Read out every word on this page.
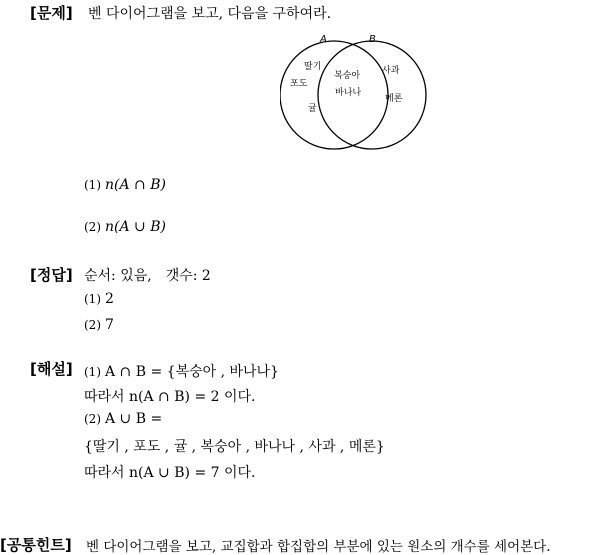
[문제] 벤 다이어그램을 보고, 다음을 구하여라.
A	B
딸기
포도
귤
복숭아
바나나
사과
메론
(1) n(A ∩ B)
(2) n(A ∪ B)
[정답] 순서: 있음,　갯수: 2
(1) 2
(2) 7
[해설] (1) A ∩ B = {복숭아 , 바나나}
따라서 n(A ∩ B) = 2 이다.
(2) A ∪ B =
{딸기 , 포도 , 귤 , 복숭아 , 바나나 , 사과 , 메론}
따라서 n(A ∪ B) = 7 이다.
[공통힌트] 벤 다이어그램을 보고, 교집합과 합집합의 부분에 있는 원소의 개수를 세어본다.
